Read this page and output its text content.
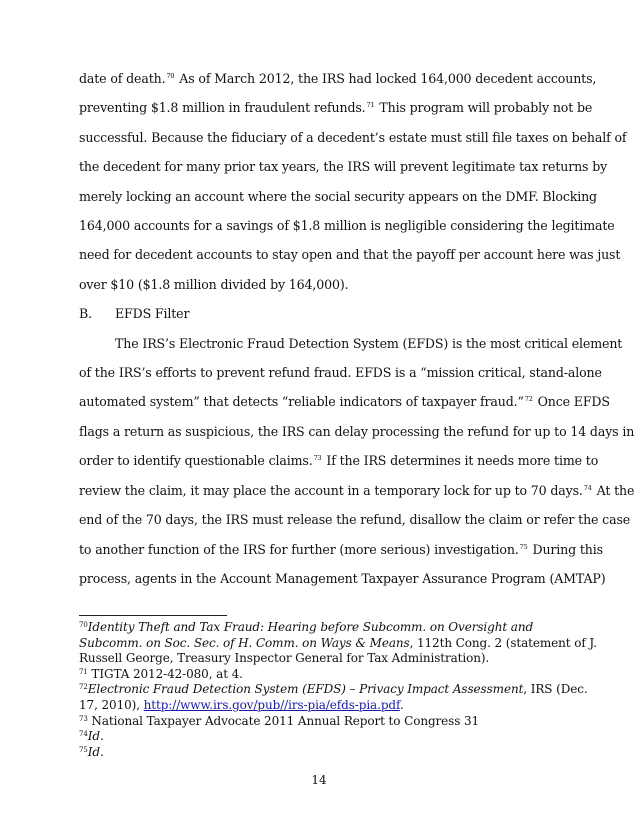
date of death.$^{70}$ As of March 2012, the IRS had locked 164,000 decedent accounts,

preventing $1.8 million in fraudulent refunds.$^{71}$ This program will probably not be

successful. Because the fiduciary of a decedent’s estate must still file taxes on behalf of

the decedent for many prior tax years, the IRS will prevent legitimate tax returns by

merely locking an account where the social security appears on the DMF. Blocking

164,000 accounts for a savings of $1.8 million is negligible considering the legitimate

need for decedent accounts to stay open and that the payoff per account here was just

over $10 ($1.8 million divided by 164,000).

B. EFDS Filter

The IRS’s Electronic Fraud Detection System (EFDS) is the most critical element

of the IRS’s efforts to prevent refund fraud. EFDS is a “mission critical, stand-alone

automated system” that detects “reliable indicators of taxpayer fraud.”$^{72}$ Once EFDS

flags a return as suspicious, the IRS can delay processing the refund for up to 14 days in

order to identify questionable claims.$^{73}$ If the IRS determines it needs more time to

review the claim, it may place the account in a temporary lock for up to 70 days.$^{74}$ At the

end of the 70 days, the IRS must release the refund, disallow the claim or refer the case

to another function of the IRS for further (more serious) investigation.$^{75}$ During this

process, agents in the Account Management Taxpayer Assurance Program (AMTAP)

$^{70}$Identity Theft and Tax Fraud: Hearing before Subcomm. on Oversight and

Subcomm. on Soc. Sec. of H. Comm. on Ways & Means, 112th Cong. 2 (statement of J.

Russell George, Treasury Inspector General for Tax Administration).

$^{71}$ TIGTA 2012-42-080, at 4.

$^{72}$Electronic Fraud Detection System (EFDS) – Privacy Impact Assessment, IRS (Dec.

17, 2010), http://www.irs.gov/pub//irs-pia/efds-pia.pdf.

$^{73}$ National Taxpayer Advocate 2011 Annual Report to Congress 31

$^{74}$Id.

$^{75}$Id.

14
